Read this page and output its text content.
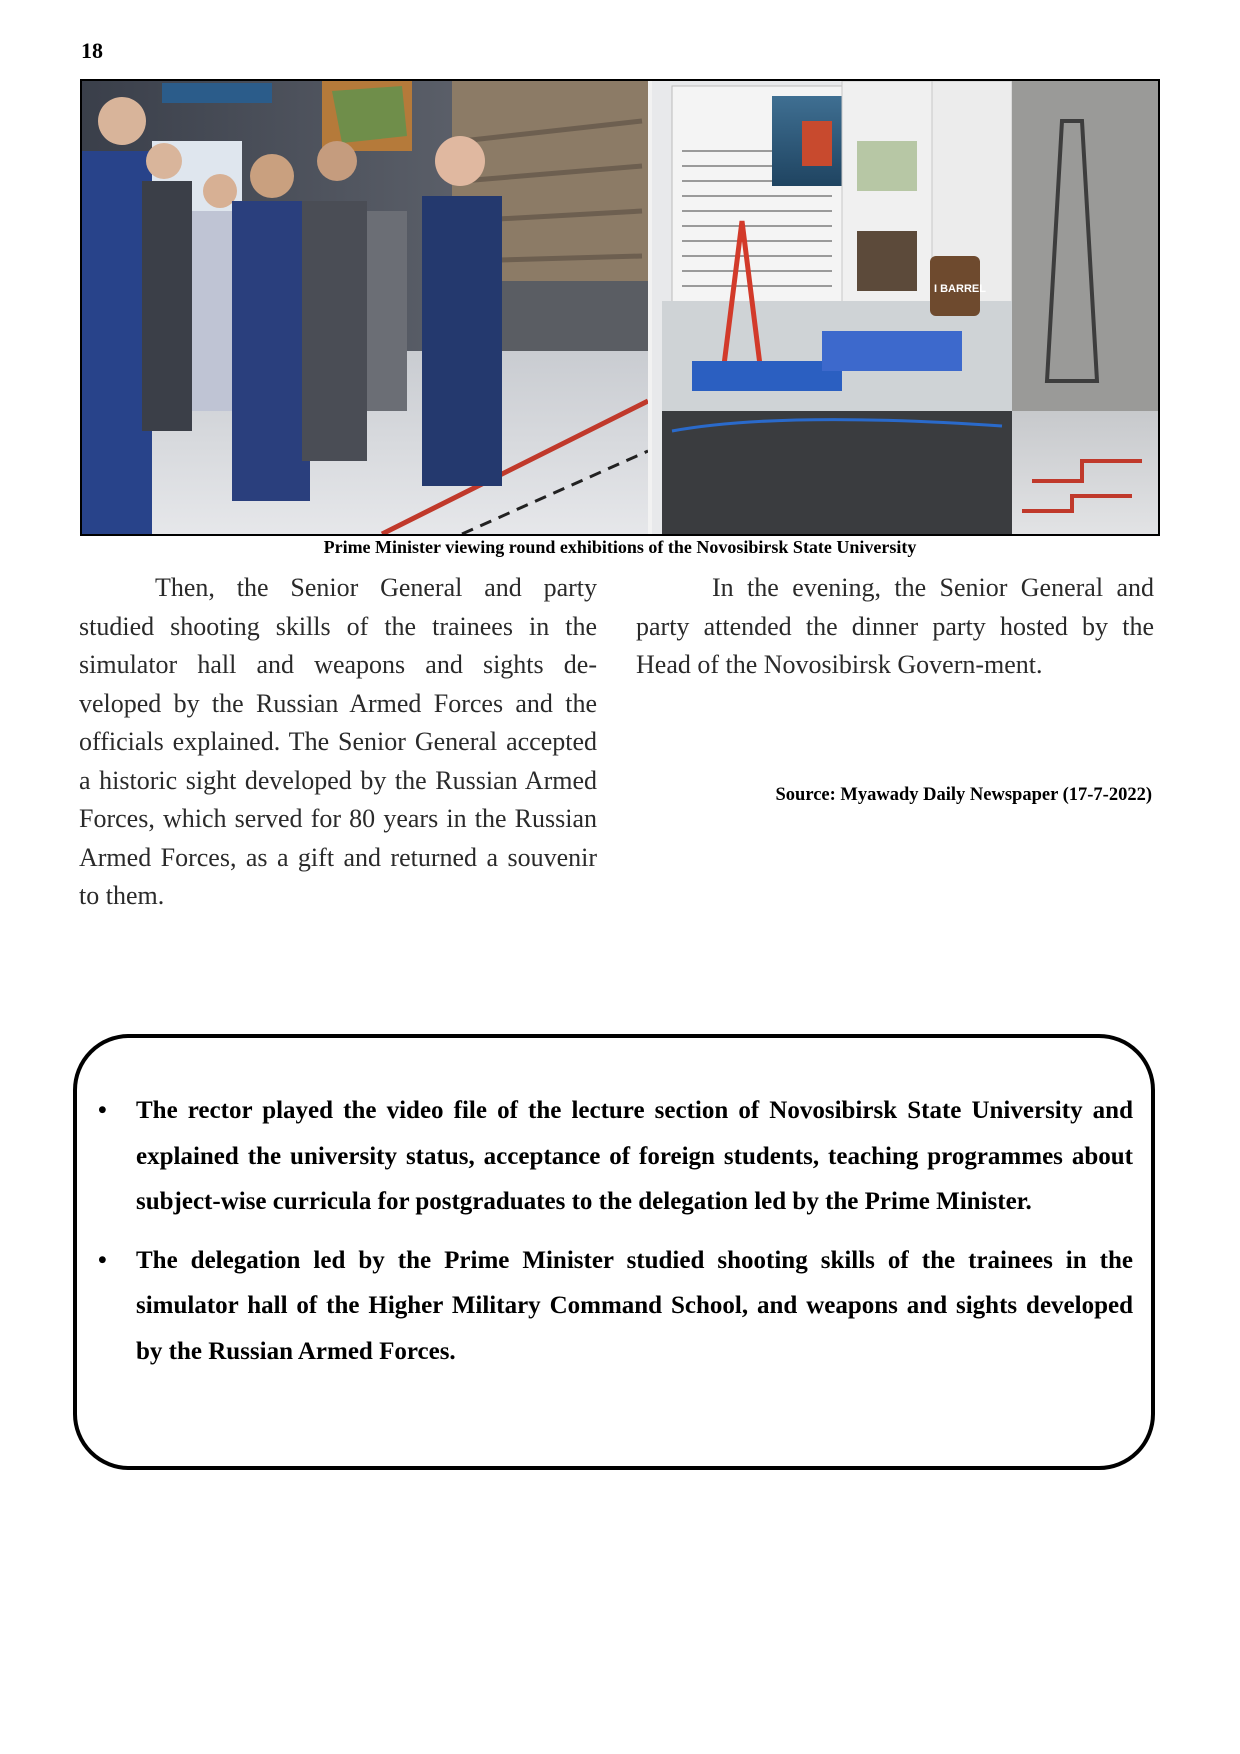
18
I BARREL
Prime Minister viewing round exhibitions of the Novosibirsk State University

Then, the Senior General and party studied shooting skills of the trainees in the simulator hall and weapons and sights de-veloped by the Russian Armed Forces and the officials explained. The Senior General accepted a historic sight developed by the Russian Armed Forces, which served for 80 years in the Russian Armed Forces, as a gift and returned a souvenir to them.

In the evening, the Senior General and party attended the dinner party hosted by the Head of the Novosibirsk Govern-ment.

Source: Myawady Daily Newspaper (17-7-2022)
• The rector played the video file of the lecture section of Novosibirsk State University and explained the university status, acceptance of foreign students, teaching programmes about subject-wise curricula for postgraduates to the delegation led by the Prime Minister.
• The delegation led by the Prime Minister studied shooting skills of the trainees in the simulator hall of the Higher Military Command School, and weapons and sights developed by the Russian Armed Forces.
